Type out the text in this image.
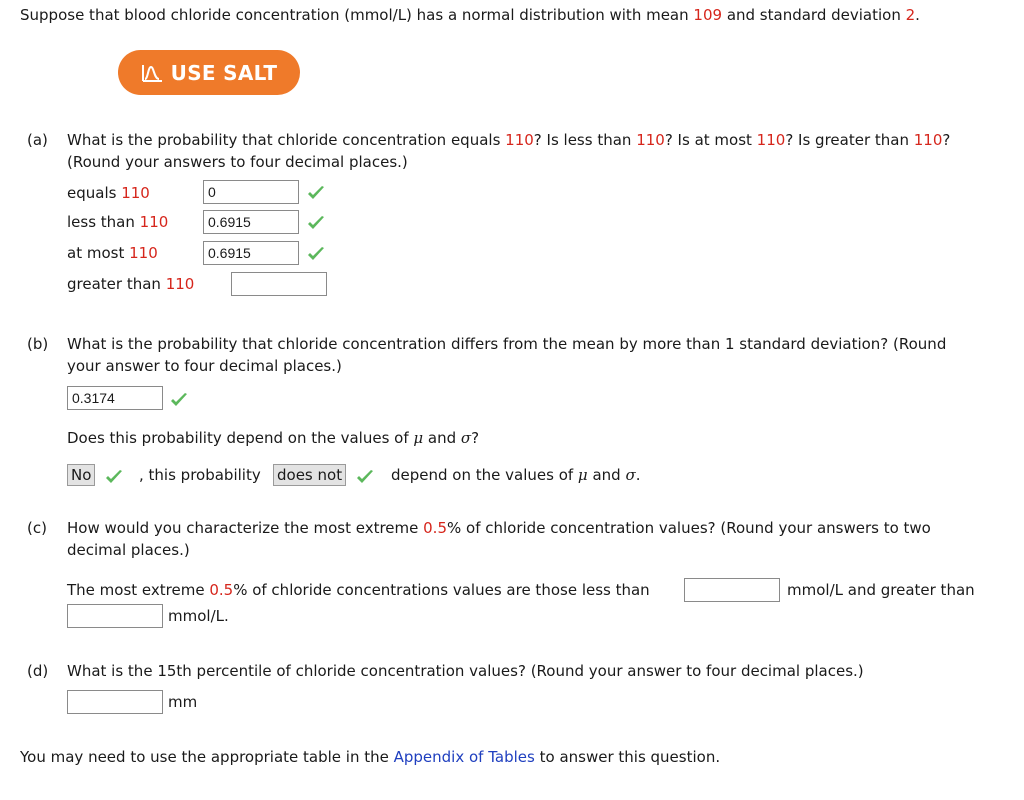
Suppose that blood chloride concentration (mmol/L) has a normal distribution with mean 109 and standard deviation 2.
USE SALT
(a) What is the probability that chloride concentration equals 110? Is less than 110? Is at most 110? Is greater than 110?
(Round your answers to four decimal places.)
equals 110	0
less than 110	0.6915
at most 110	0.6915
greater than 110
(b) What is the probability that chloride concentration differs from the mean by more than 1 standard deviation? (Round
your answer to four decimal places.)
0.3174
Does this probability depend on the values of μ and σ?
No	, this probability does not	depend on the values of μ and σ.
(c) How would you characterize the most extreme 0.5% of chloride concentration values? (Round your answers to two
decimal places.)
The most extreme 0.5% of chloride concentrations values are those less than	mmol/L and greater than
mmol/L.
(d) What is the 15th percentile of chloride concentration values? (Round your answer to four decimal places.)
mm
You may need to use the appropriate table in the Appendix of Tables to answer this question.
